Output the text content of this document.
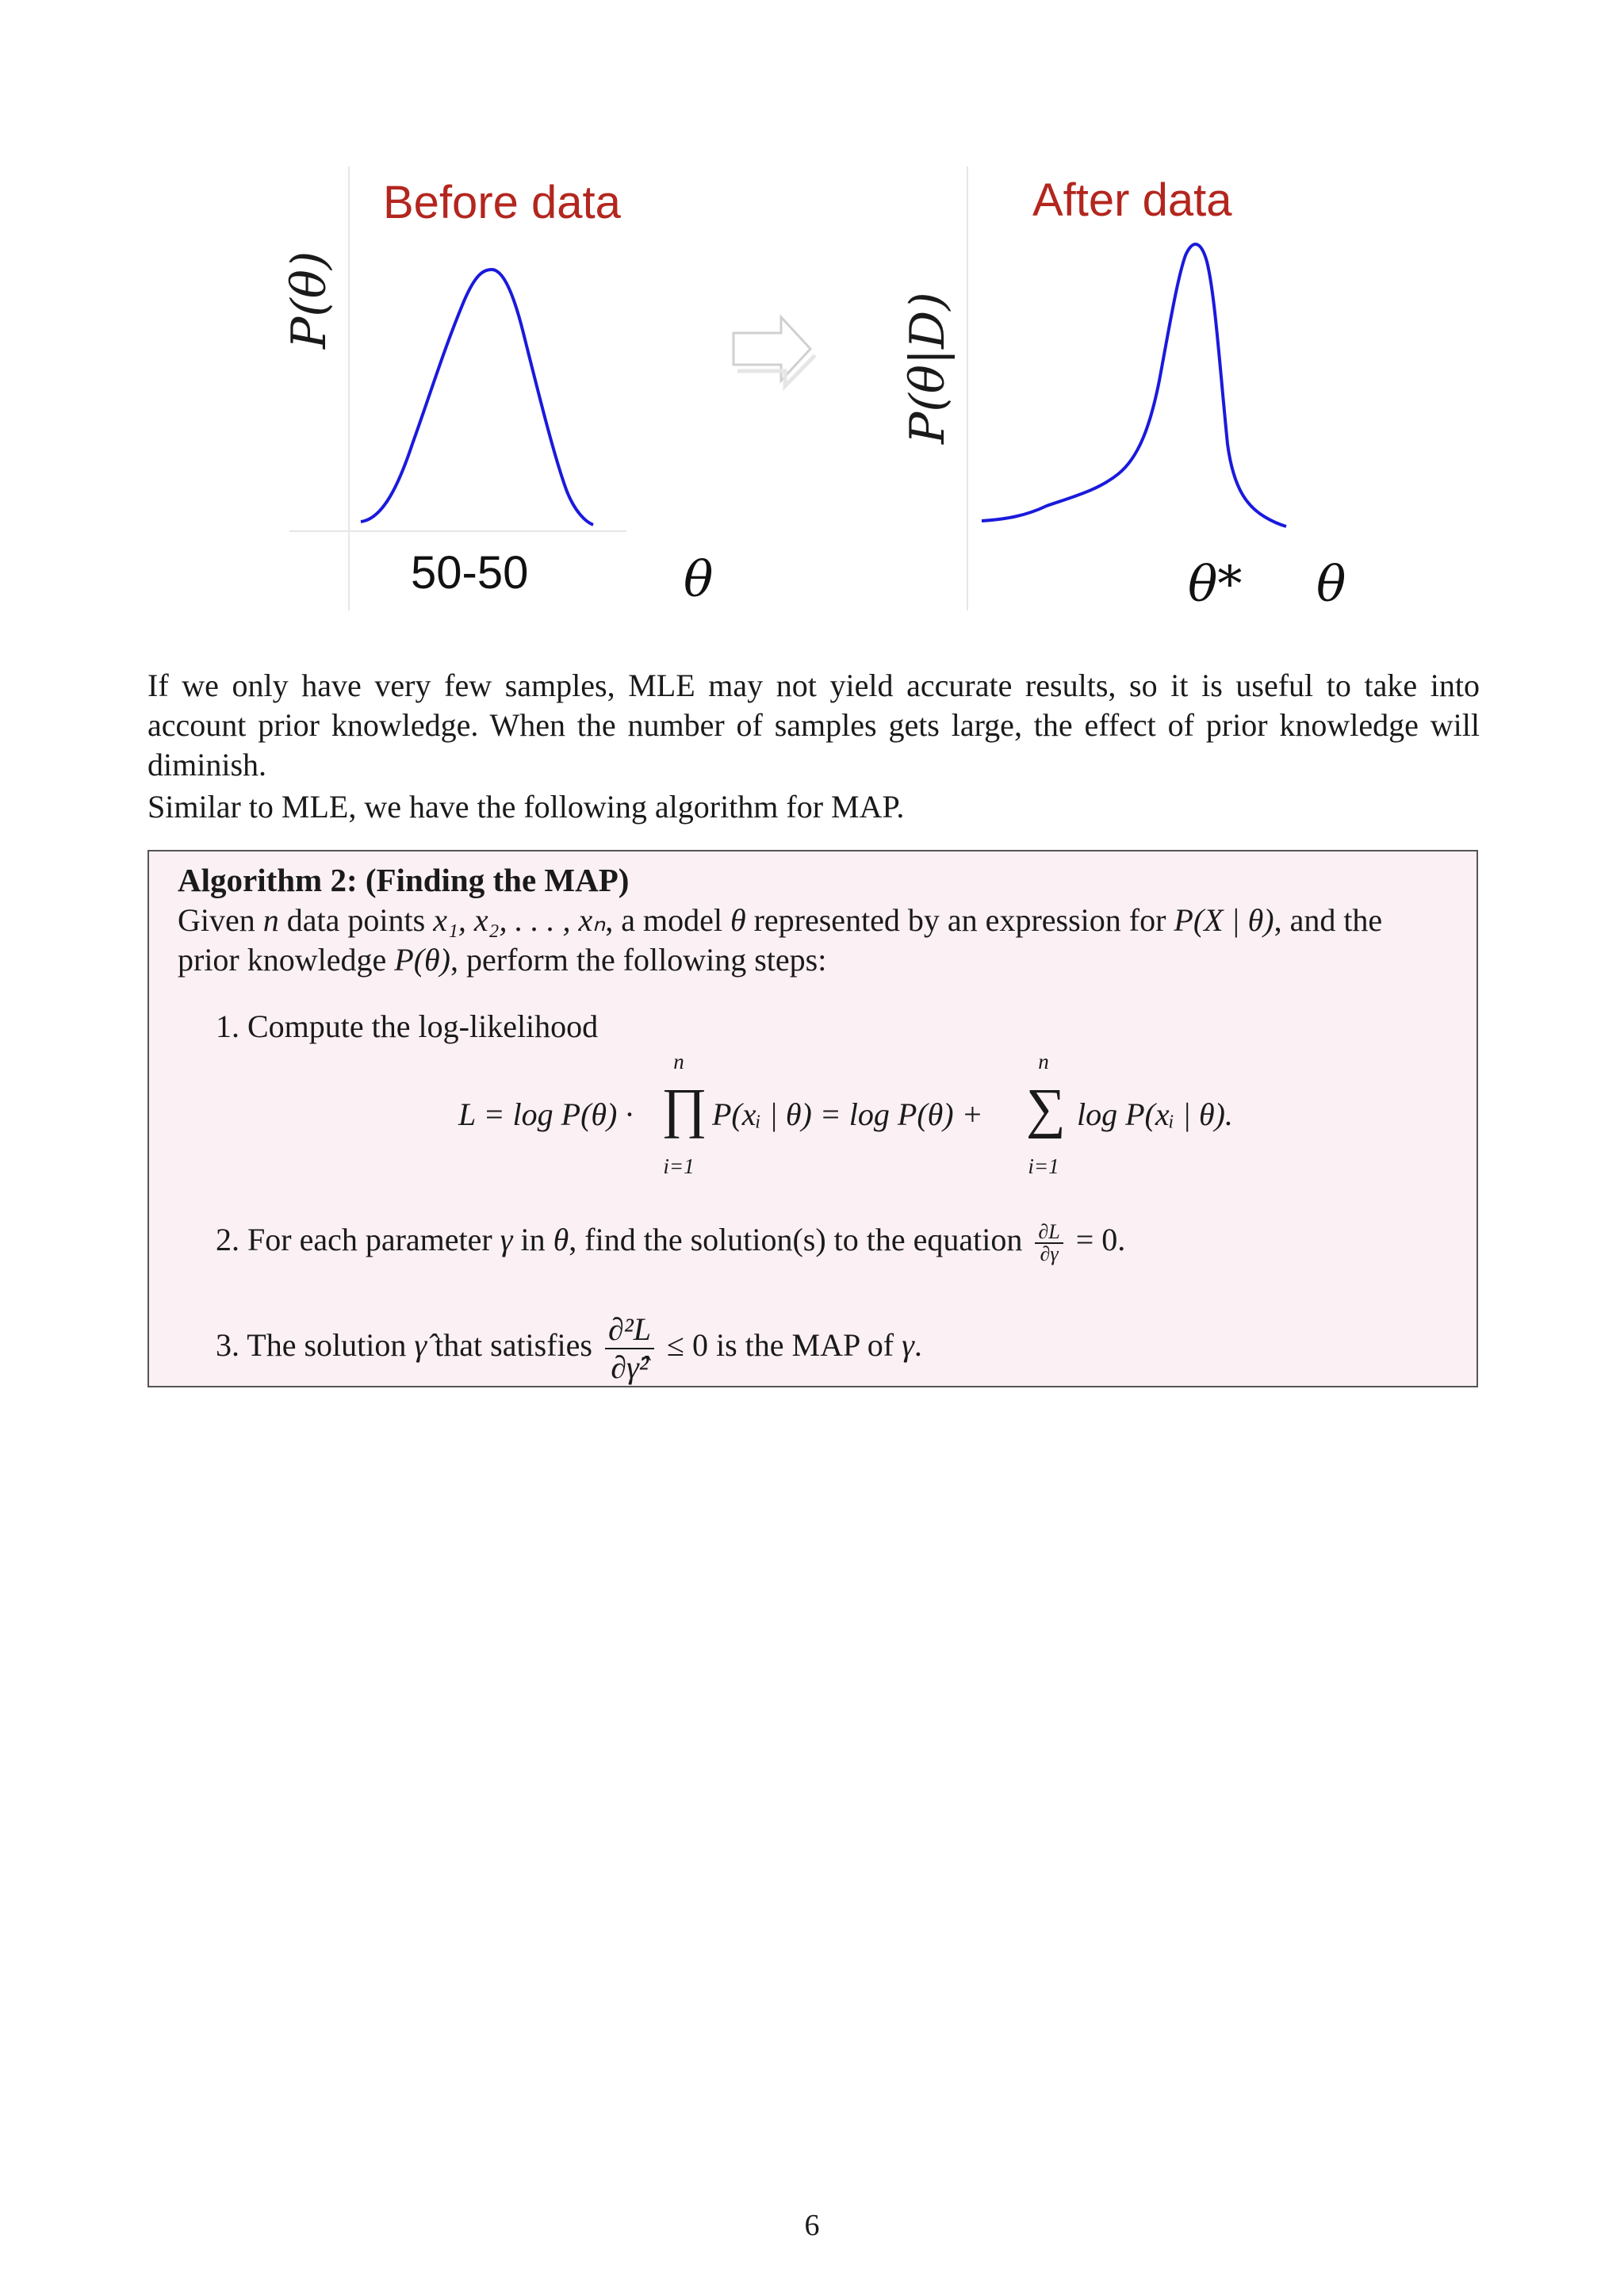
Before data
P(θ)
50-50	θ
After data
P(θ|D)
θ* θ

If we only have very few samples, MLE may not yield accurate results, so it is useful to take into account prior knowledge. When the number of samples gets large, the effect of prior knowledge will diminish.

Similar to MLE, we have the following algorithm for MAP.

Algorithm 2: (Finding the MAP)
Given n data points x₁, x₂, . . . , xₙ, a model θ represented by an expression for P(X | θ), and the prior knowledge P(θ), perform the following steps:
1. Compute the log-likelihood
L = log P(θ) ·
n
∏
i=1
P(xᵢ | θ) = log P(θ) +
n
∑
i=1
log P(xᵢ | θ).
2. For each parameter γ in θ, find the solution(s) to the equation $\frac{\partial L}{\partial\gamma} = 0$.
3. The solution γ̂ that satisfies $\frac{\text{∂²L}}{\text{∂γ̂²}} \le 0$ is the MAP of γ.
6
